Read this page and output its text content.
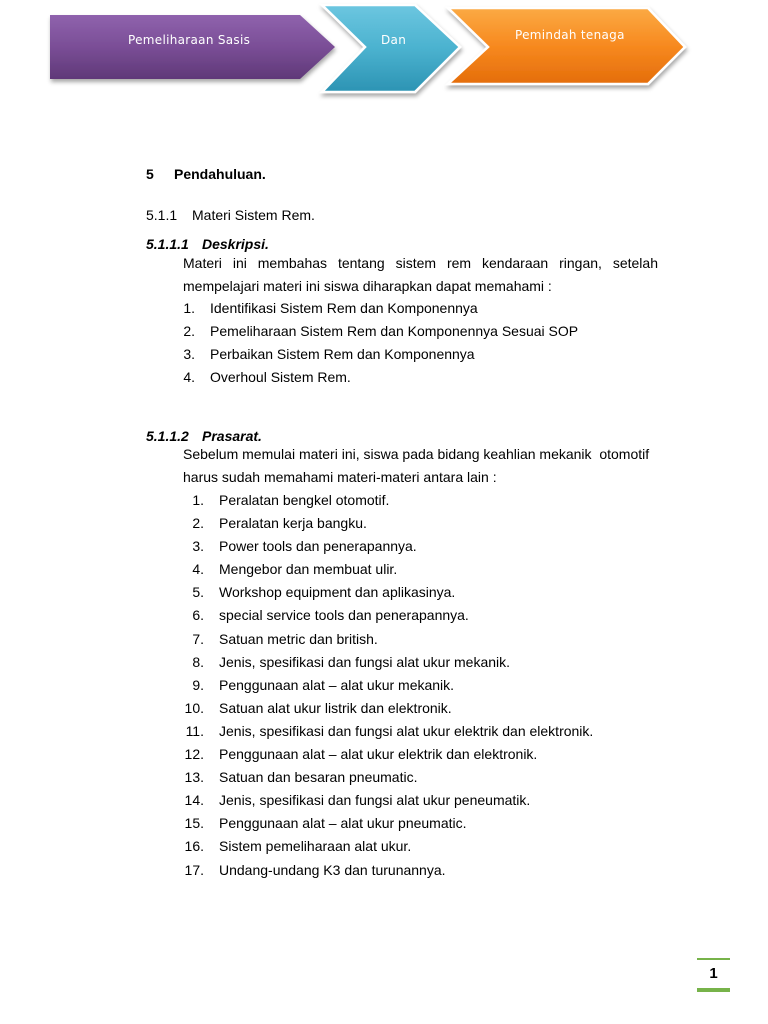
Pemeliharaan Sasis	Dan	Pemindah tenaga
5 Pendahuluan.
5.1.1 Materi Sistem Rem.
5.1.1.1 Deskripsi.
Materi ini membahas tentang sistem rem kendaraan ringan, setelah
mempelajari materi ini siswa diharapkan dapat memahami :
1. Identifikasi Sistem Rem dan Komponennya
2. Pemeliharaan Sistem Rem dan Komponennya Sesuai SOP
3. Perbaikan Sistem Rem dan Komponennya
4. Overhoul Sistem Rem.
5.1.1.2 Prasarat.
Sebelum memulai materi ini, siswa pada bidang keahlian mekanik  otomotif
harus sudah memahami materi-materi antara lain :
1. Peralatan bengkel otomotif.
2. Peralatan kerja bangku.
3. Power tools dan penerapannya.
4. Mengebor dan membuat ulir.
5. Workshop equipment dan aplikasinya.
6. special service tools dan penerapannya.
7. Satuan metric dan british.
8. Jenis, spesifikasi dan fungsi alat ukur mekanik.
9. Penggunaan alat – alat ukur mekanik.
10. Satuan alat ukur listrik dan elektronik.
11. Jenis, spesifikasi dan fungsi alat ukur elektrik dan elektronik.
12. Penggunaan alat – alat ukur elektrik dan elektronik.
13. Satuan dan besaran pneumatic.
14. Jenis, spesifikasi dan fungsi alat ukur peneumatik.
15. Penggunaan alat – alat ukur pneumatic.
16. Sistem pemeliharaan alat ukur.
17. Undang-undang K3 dan turunannya.
1
